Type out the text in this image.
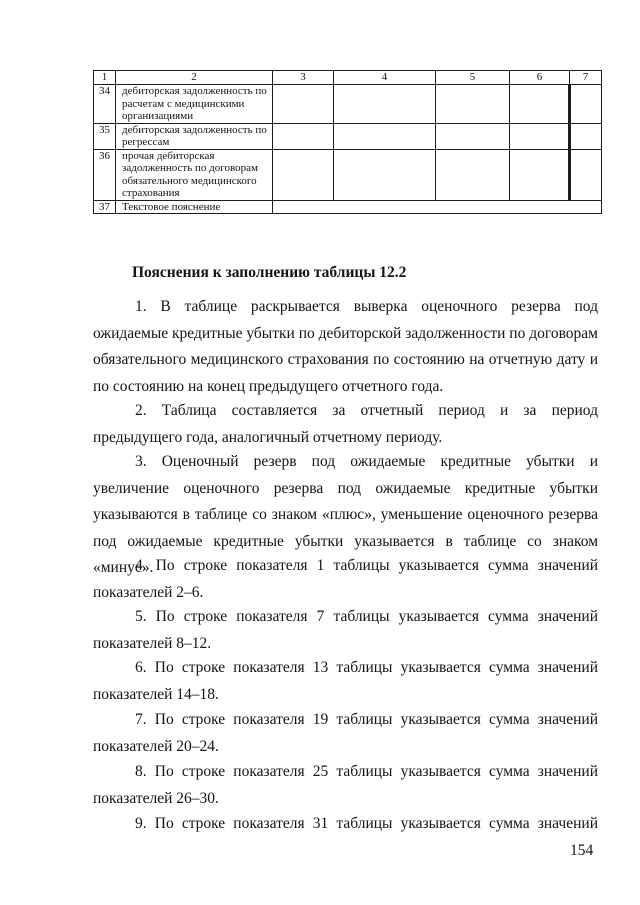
1	2	3	4	5	6	7
34	дебиторская задолженность по расчетам с медицинскими организациями					
35	дебиторская задолженность по регрессам					
36	прочая дебиторская задолженность по договорам обязательного медицинского страхования					
37	Текстовое пояснение					

Пояснения к заполнению таблицы 12.2

1. В таблице раскрывается выверка оценочного резерва под ожидаемые кредитные убытки по дебиторской задолженности по договорам обязательного медицинского страхования по состоянию на отчетную дату и по состоянию на конец предыдущего отчетного года.

2. Таблица составляется за отчетный период и за период предыдущего года, аналогичный отчетному периоду.

3. Оценочный резерв под ожидаемые кредитные убытки и увеличение оценочного резерва под ожидаемые кредитные убытки указываются в таблице со знаком «плюс», уменьшение оценочного резерва под ожидаемые кредитные убытки указывается в таблице со знаком «минус».

4. По строке показателя 1 таблицы указывается сумма значений показателей 2–6.

5. По строке показателя 7 таблицы указывается сумма значений показателей 8–12.

6. По строке показателя 13 таблицы указывается сумма значений показателей 14–18.

7. По строке показателя 19 таблицы указывается сумма значений показателей 20–24.

8. По строке показателя 25 таблицы указывается сумма значений показателей 26–30.

9. По строке показателя 31 таблицы указывается сумма значений

154
